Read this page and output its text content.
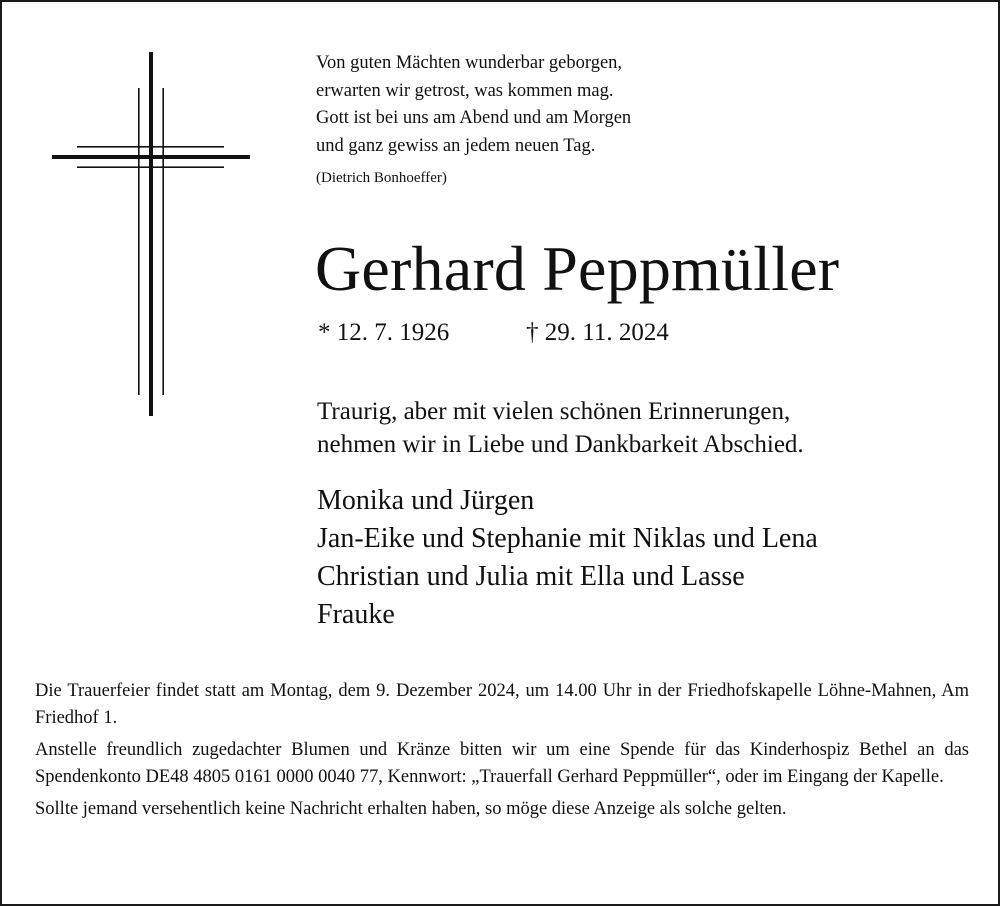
Von guten Mächten wunderbar geborgen,
erwarten wir getrost, was kommen mag.
Gott ist bei uns am Abend und am Morgen
und ganz gewiss an jedem neuen Tag.
(Dietrich Bonhoeffer)
Gerhard Peppmüller
* 12. 7. 1926	† 29. 11. 2024
Traurig, aber mit vielen schönen Erinnerungen,
nehmen wir in Liebe und Dankbarkeit Abschied.
Monika und Jürgen
Jan-Eike und Stephanie mit Niklas und Lena
Christian und Julia mit Ella und Lasse
Frauke

Die Trauerfeier findet statt am Montag, dem 9. Dezember 2024, um 14.00 Uhr in der Friedhofskapelle Löhne-Mahnen, Am Friedhof 1.

Anstelle freundlich zugedachter Blumen und Kränze bitten wir um eine Spende für das Kinderhospiz Bethel an das Spendenkonto DE48 4805 0161 0000 0040 77, Kennwort: „Trauerfall Gerhard Peppmüller“, oder im Eingang der Kapelle.

Sollte jemand versehentlich keine Nachricht erhalten haben, so möge diese Anzeige als solche gelten.
